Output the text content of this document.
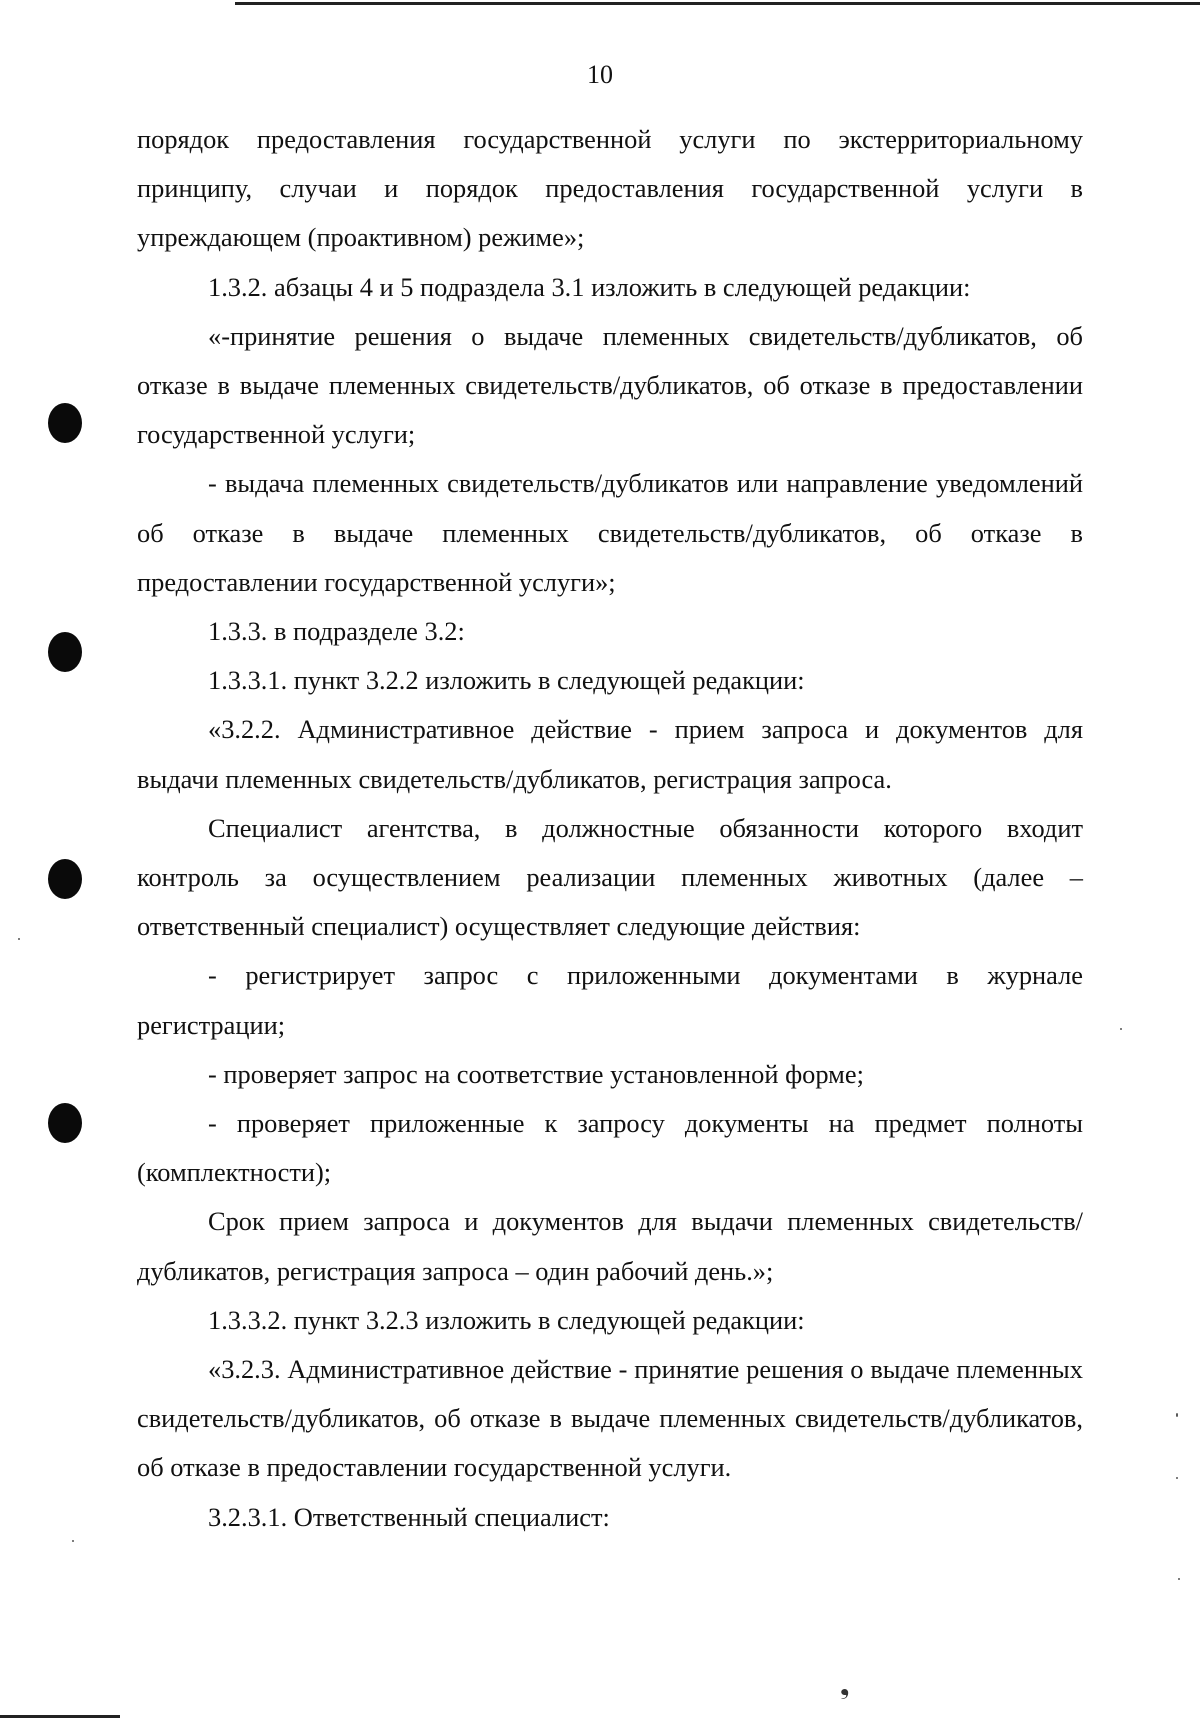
10
❟

порядок предоставления государственной услуги по экстерриториальному принципу, случаи и порядок предоставления государственной услуги в упреждающем (проактивном) режиме»;

1.3.2. абзацы 4 и 5 подраздела 3.1 изложить в следующей редакции:

«-принятие решения о выдаче племенных свидетельств/дубликатов, об отказе в выдаче племенных свидетельств/дубликатов, об отказе в предоставлении государственной услуги;

- выдача племенных свидетельств/дубликатов или направление уведомлений об отказе в выдаче племенных свидетельств/дубликатов, об отказе в предоставлении государственной услуги»;

1.3.3. в подразделе 3.2:

1.3.3.1. пункт 3.2.2 изложить в следующей редакции:

«3.2.2. Административное действие - прием запроса и документов для выдачи племенных свидетельств/дубликатов, регистрация запроса.

Специалист агентства, в должностные обязанности которого входит контроль за осуществлением реализации племенных животных (далее – ответственный специалист) осуществляет следующие действия:

- регистрирует запрос с приложенными документами в журнале регистрации;

- проверяет запрос на соответствие установленной форме;

- проверяет приложенные к запросу документы на предмет полноты (комплектности);

Срок прием запроса и документов для выдачи племенных свидетельств/дубликатов, регистрация запроса – один рабочий день.»;

1.3.3.2. пункт 3.2.3 изложить в следующей редакции:

«3.2.3. Административное действие - принятие решения о выдаче племенных свидетельств/дубликатов, об отказе в выдаче племенных свидетельств/дубликатов, об отказе в предоставлении государственной услуги.

3.2.3.1. Ответственный специалист:
